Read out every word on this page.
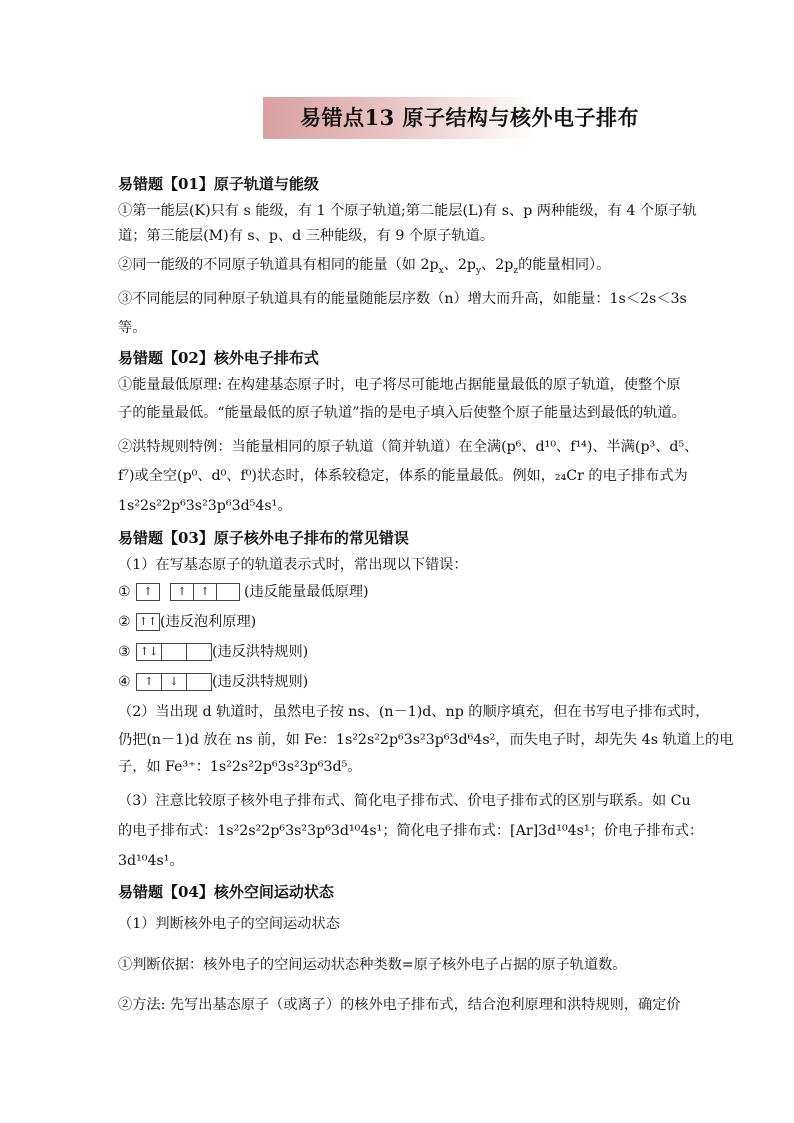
易错点13 原子结构与核外电子排布
易错题【01】原子轨道与能级
①第一能层(K)只有 s 能级，有 1 个原子轨道;第二能层(L)有 s、p 两种能级，有 4 个原子轨
道；第三能层(M)有 s、p、d 三种能级，有 9 个原子轨道。
②同一能级的不同原子轨道具有相同的能量（如 $2p_x$、$2p_y$、$2p_z$的能量相同）。
③不同能层的同种原子轨道具有的能量随能层序数（n）增大而升高，如能量：1s＜2s＜3s
等。
易错题【02】核外电子排布式
①能量最低原理: 在构建基态原子时，电子将尽可能地占据能量最低的原子轨道，使整个原
子的能量最低。“能量最低的原子轨道”指的是电子填入后使整个原子能量达到最低的轨道。
②洪特规则特例：当能量相同的原子轨道（简并轨道）在全满(p⁶、d¹⁰、f¹⁴)、半满(p³、d⁵、
f⁷)或全空(p⁰、d⁰、f⁰)状态时，体系较稳定，体系的能量最低。例如，₂₄Cr 的电子排布式为
1s²2s²2p⁶3s²3p⁶3d⁵4s¹。
易错题【03】原子核外电子排布的常见错误
（1）在写基态原子的轨道表示式时，常出现以下错误：
①	↑	↑	↑	(违反能量最低原理)
② ↑↑ (违反泡利原理)
③ ↑↓	(违反洪特规则)
④	↑	↓	(违反洪特规则)
（2）当出现 d 轨道时，虽然电子按 ns、(n－1)d、np 的顺序填充，但在书写电子排布式时，
仍把(n－1)d 放在 ns 前，如 Fe：1s²2s²2p⁶3s²3p⁶3d⁶4s²，而失电子时，却先失 4s 轨道上的电
子，如 Fe³⁺：1s²2s²2p⁶3s²3p⁶3d⁵。
（3）注意比较原子核外电子排布式、简化电子排布式、价电子排布式的区别与联系。如 Cu
的电子排布式：1s²2s²2p⁶3s²3p⁶3d¹⁰4s¹；简化电子排布式：[Ar]3d¹⁰4s¹；价电子排布式：
3d¹⁰4s¹。
易错题【04】核外空间运动状态
（1）判断核外电子的空间运动状态
①判断依据：核外电子的空间运动状态种类数=原子核外电子占据的原子轨道数。
②方法: 先写出基态原子（或离子）的核外电子排布式，结合泡利原理和洪特规则，确定价
